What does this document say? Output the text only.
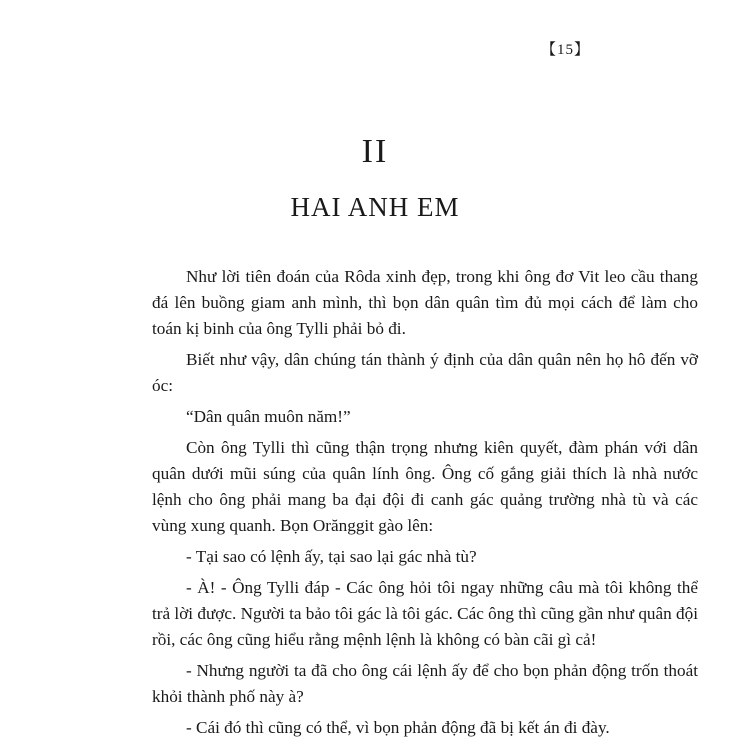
【15】
II
HAI ANH EM

Như lời tiên đoán của Rôda xinh đẹp, trong khi ông đơ Vit leo cầu thang đá lên buồng giam anh mình, thì bọn dân quân tìm đủ mọi cách để làm cho toán kị binh của ông Tylli phải bỏ đi.

Biết như vậy, dân chúng tán thành ý định của dân quân nên họ hô đến vỡ óc:

“Dân quân muôn năm!”

Còn ông Tylli thì cũng thận trọng nhưng kiên quyết, đàm phán với dân quân dưới mũi súng của quân lính ông. Ông cố gắng giải thích là nhà nước lệnh cho ông phải mang ba đại đội đi canh gác quảng trường nhà tù và các vùng xung quanh. Bọn Orănggit gào lên:

- Tại sao có lệnh ấy, tại sao lại gác nhà tù?

- À! - Ông Tylli đáp - Các ông hỏi tôi ngay những câu mà tôi không thể trả lời được. Người ta bảo tôi gác là tôi gác. Các ông thì cũng gần như quân đội rồi, các ông cũng hiểu rằng mệnh lệnh là không có bàn cãi gì cả!

- Nhưng người ta đã cho ông cái lệnh ấy để cho bọn phản động trốn thoát khỏi thành phố này à?

- Cái đó thì cũng có thể, vì bọn phản động đã bị kết án đi đày.
